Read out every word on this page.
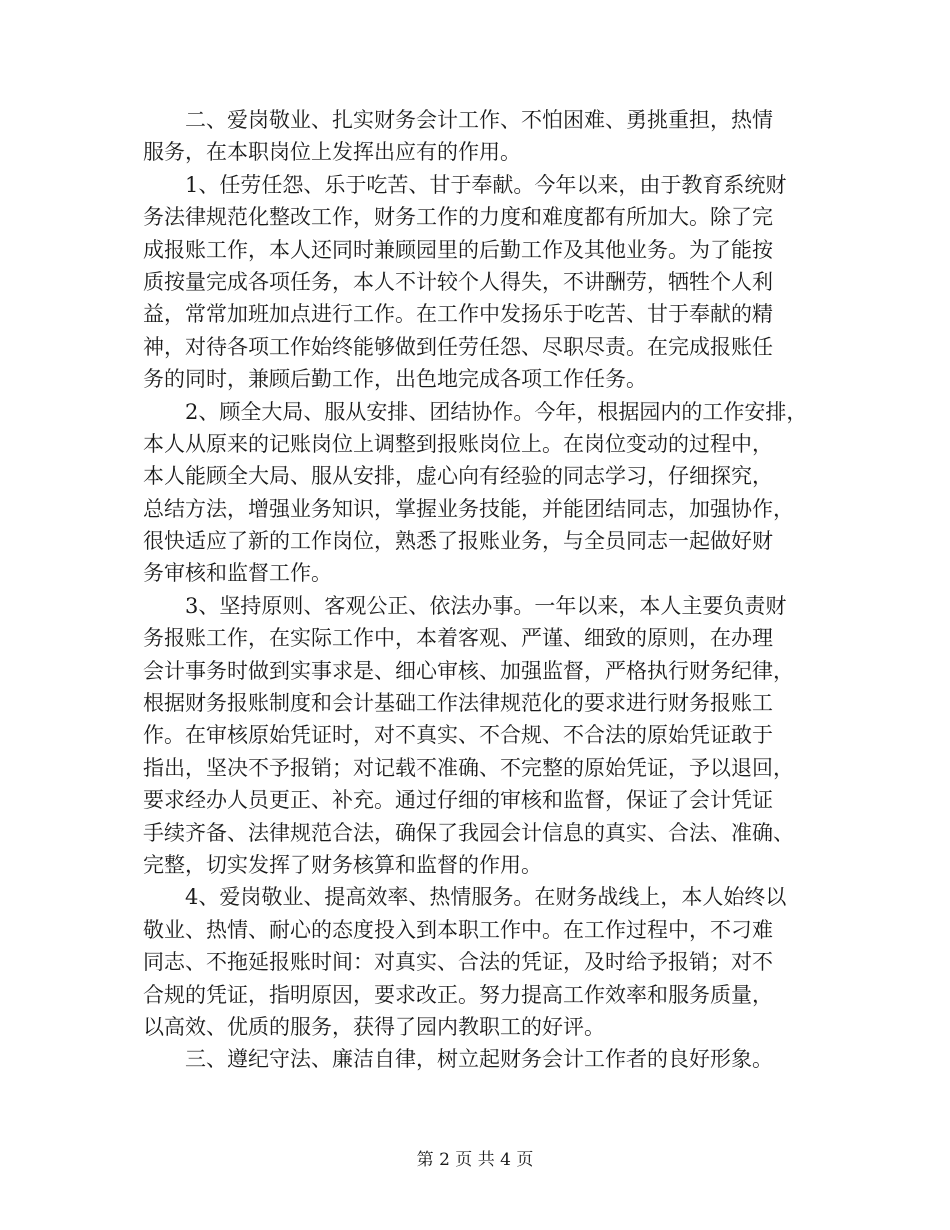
二、爱岗敬业、扎实财务会计工作、不怕困难、勇挑重担，热情
服务，在本职岗位上发挥出应有的作用。
1、任劳任怨、乐于吃苦、甘于奉献。今年以来，由于教育系统财
务法律规范化整改工作，财务工作的力度和难度都有所加大。除了完
成报账工作，本人还同时兼顾园里的后勤工作及其他业务。为了能按
质按量完成各项任务，本人不计较个人得失，不讲酬劳，牺牲个人利
益，常常加班加点进行工作。在工作中发扬乐于吃苦、甘于奉献的精
神，对待各项工作始终能够做到任劳任怨、尽职尽责。在完成报账任
务的同时，兼顾后勤工作，出色地完成各项工作任务。
2、顾全大局、服从安排、团结协作。今年，根据园内的工作安排，
本人从原来的记账岗位上调整到报账岗位上。在岗位变动的过程中，
本人能顾全大局、服从安排，虚心向有经验的同志学习，仔细探究，
总结方法，增强业务知识，掌握业务技能，并能团结同志，加强协作，
很快适应了新的工作岗位，熟悉了报账业务，与全员同志一起做好财
务审核和监督工作。
3、坚持原则、客观公正、依法办事。一年以来，本人主要负责财
务报账工作，在实际工作中，本着客观、严谨、细致的原则，在办理
会计事务时做到实事求是、细心审核、加强监督，严格执行财务纪律，
根据财务报账制度和会计基础工作法律规范化的要求进行财务报账工
作。在审核原始凭证时，对不真实、不合规、不合法的原始凭证敢于
指出，坚决不予报销；对记载不准确、不完整的原始凭证，予以退回，
要求经办人员更正、补充。通过仔细的审核和监督，保证了会计凭证
手续齐备、法律规范合法，确保了我园会计信息的真实、合法、准确、
完整，切实发挥了财务核算和监督的作用。
4、爱岗敬业、提高效率、热情服务。在财务战线上，本人始终以
敬业、热情、耐心的态度投入到本职工作中。在工作过程中，不刁难
同志、不拖延报账时间：对真实、合法的凭证，及时给予报销；对不
合规的凭证，指明原因，要求改正。努力提高工作效率和服务质量，
以高效、优质的服务，获得了园内教职工的好评。
三、遵纪守法、廉洁自律，树立起财务会计工作者的良好形象。
第 2 页 共 4 页
